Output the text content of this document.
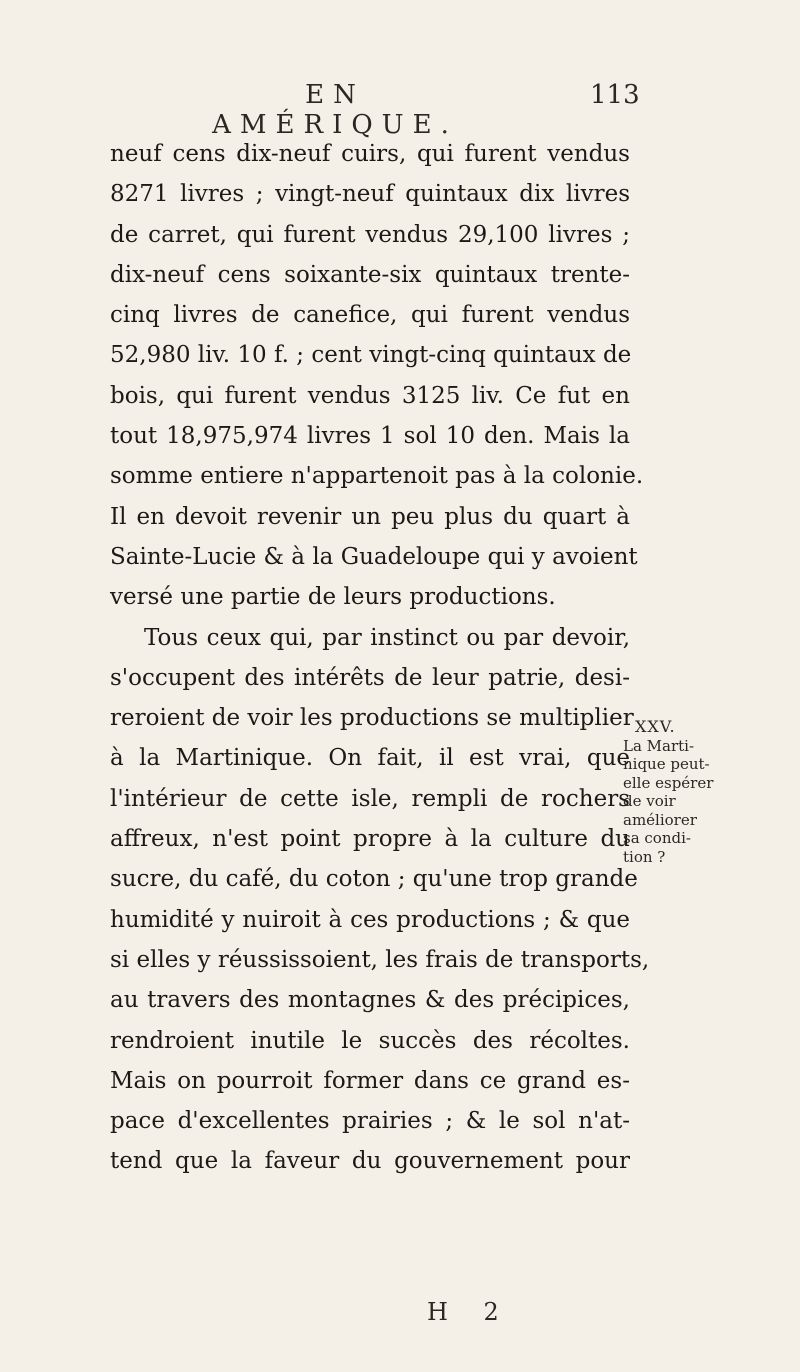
EN AMÉRIQUE.
113
neuf cens dix-neuf cuirs, qui furent vendus
8271 livres ; vingt-neuf quintaux dix livres
de carret, qui furent vendus 29,100 livres ;
dix-neuf cens soixante-six quintaux trente-
cinq livres de canefice, qui furent vendus
52,980 liv. 10 f. ; cent vingt-cinq quintaux de
bois, qui furent vendus 3125 liv. Ce fut en
tout 18,975,974 livres 1 sol 10 den. Mais la
somme entiere n'appartenoit pas à la colonie.
Il en devoit revenir un peu plus du quart à
Sainte-Lucie & à la Guadeloupe qui y avoient
versé une partie de leurs productions.
Tous ceux qui, par instinct ou par devoir,
s'occupent des intérêts de leur patrie, desi-
reroient de voir les productions se multiplier
à la Martinique. On fait, il est vrai, que
l'intérieur de cette isle, rempli de rochers
affreux, n'est point propre à la culture du
sucre, du café, du coton ; qu'une trop grande
humidité y nuiroit à ces productions ; & que
si elles y réussissoient, les frais de transports,
au travers des montagnes & des précipices,
rendroient inutile le succès des récoltes.
Mais on pourroit former dans ce grand es-
pace d'excellentes prairies ; & le sol n'at-
tend que la faveur du gouvernement pour
XXV.
La Marti-
nique peut-
elle espérer
de voir
améliorer
sa condi-
tion ?
H 2
